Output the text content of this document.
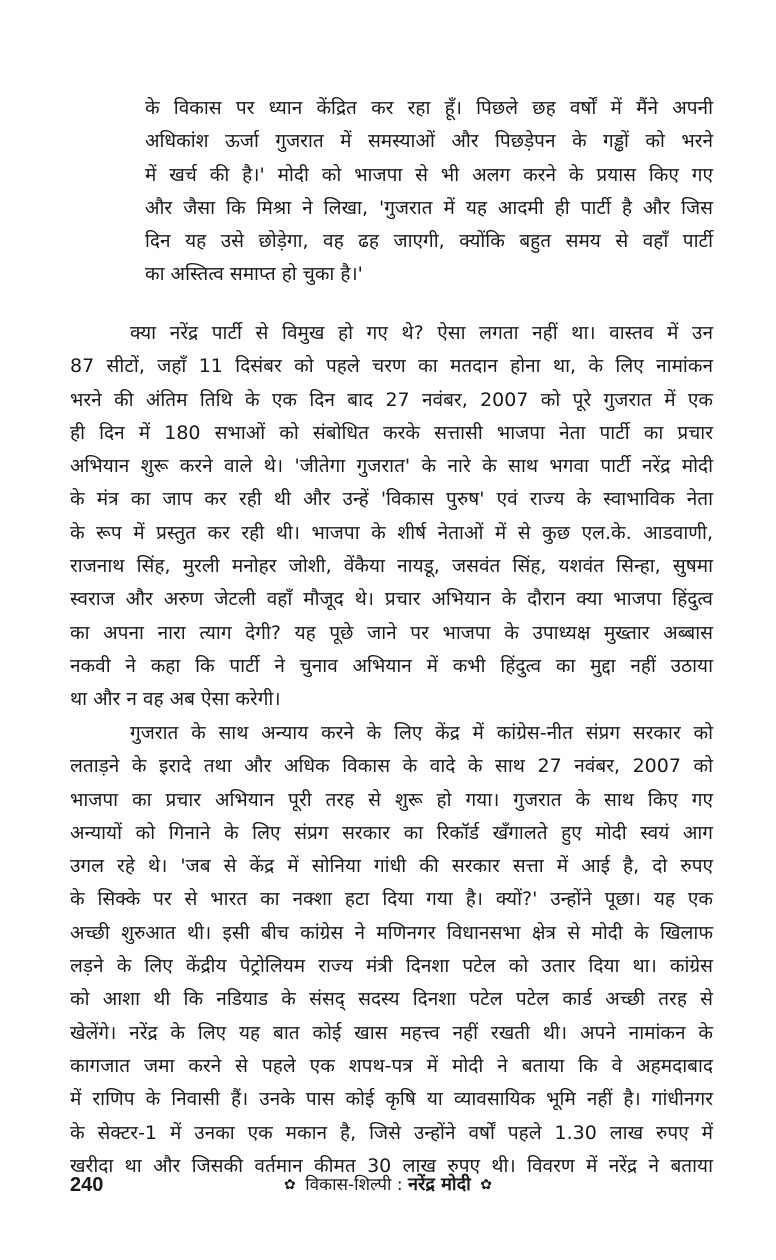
के विकास पर ध्यान केंद्रित कर रहा हूँ। पिछले छह वर्षों में मैंने अपनी
अधिकांश ऊर्जा गुजरात में समस्याओं और पिछड़ेपन के गड्ढों को भरने
में खर्च की है।' मोदी को भाजपा से भी अलग करने के प्रयास किए गए
और जैसा कि मिश्रा ने लिखा, 'गुजरात में यह आदमी ही पार्टी है और जिस
दिन यह उसे छोड़ेगा, वह ढह जाएगी, क्योंकि बहुत समय से वहाँ पार्टी
का अस्तित्व समाप्त हो चुका है।'
क्या नरेंद्र पार्टी से विमुख हो गए थे? ऐसा लगता नहीं था। वास्तव में उन
87 सीटों, जहाँ 11 दिसंबर को पहले चरण का मतदान होना था, के लिए नामांकन
भरने की अंतिम तिथि के एक दिन बाद 27 नवंबर, 2007 को पूरे गुजरात में एक
ही दिन में 180 सभाओं को संबोधित करके सत्तासी भाजपा नेता पार्टी का प्रचार
अभियान शुरू करने वाले थे। 'जीतेगा गुजरात' के नारे के साथ भगवा पार्टी नरेंद्र मोदी
के मंत्र का जाप कर रही थी और उन्हें 'विकास पुरुष' एवं राज्य के स्वाभाविक नेता
के रूप में प्रस्तुत कर रही थी। भाजपा के शीर्ष नेताओं में से कुछ एल.के. आडवाणी,
राजनाथ सिंह, मुरली मनोहर जोशी, वेंकैया नायडू, जसवंत सिंह, यशवंत सिन्हा, सुषमा
स्वराज और अरुण जेटली वहाँ मौजूद थे। प्रचार अभियान के दौरान क्या भाजपा हिंदुत्व
का अपना नारा त्याग देगी? यह पूछे जाने पर भाजपा के उपाध्यक्ष मुख्तार अब्बास
नकवी ने कहा कि पार्टी ने चुनाव अभियान में कभी हिंदुत्व का मुद्दा नहीं उठाया
था और न वह अब ऐसा करेगी।
गुजरात के साथ अन्याय करने के लिए केंद्र में कांग्रेस-नीत संप्रग सरकार को
लताड़ने के इरादे तथा और अधिक विकास के वादे के साथ 27 नवंबर, 2007 को
भाजपा का प्रचार अभियान पूरी तरह से शुरू हो गया। गुजरात के साथ किए गए
अन्यायों को गिनाने के लिए संप्रग सरकार का रिकॉर्ड खँगालते हुए मोदी स्वयं आग
उगल रहे थे। 'जब से केंद्र में सोनिया गांधी की सरकार सत्ता में आई है, दो रुपए
के सिक्के पर से भारत का नक्शा हटा दिया गया है। क्यों?' उन्होंने पूछा। यह एक
अच्छी शुरुआत थी। इसी बीच कांग्रेस ने मणिनगर विधानसभा क्षेत्र से मोदी के खिलाफ
लड़ने के लिए केंद्रीय पेट्रोलियम राज्य मंत्री दिनशा पटेल को उतार दिया था। कांग्रेस
को आशा थी कि नडियाड के संसद् सदस्य दिनशा पटेल पटेल कार्ड अच्छी तरह से
खेलेंगे। नरेंद्र के लिए यह बात कोई खास महत्त्व नहीं रखती थी। अपने नामांकन के
कागजात जमा करने से पहले एक शपथ-पत्र में मोदी ने बताया कि वे अहमदाबाद
में राणिप के निवासी हैं। उनके पास कोई कृषि या व्यावसायिक भूमि नहीं है। गांधीनगर
के सेक्टर-1 में उनका एक मकान है, जिसे उन्होंने वर्षों पहले 1.30 लाख रुपए में
खरीदा था और जिसकी वर्तमान कीमत 30 लाख रुपए थी। विवरण में नरेंद्र ने बताया
240	✿ विकास-शिल्पी : नरेंद्र मोदी ✿
